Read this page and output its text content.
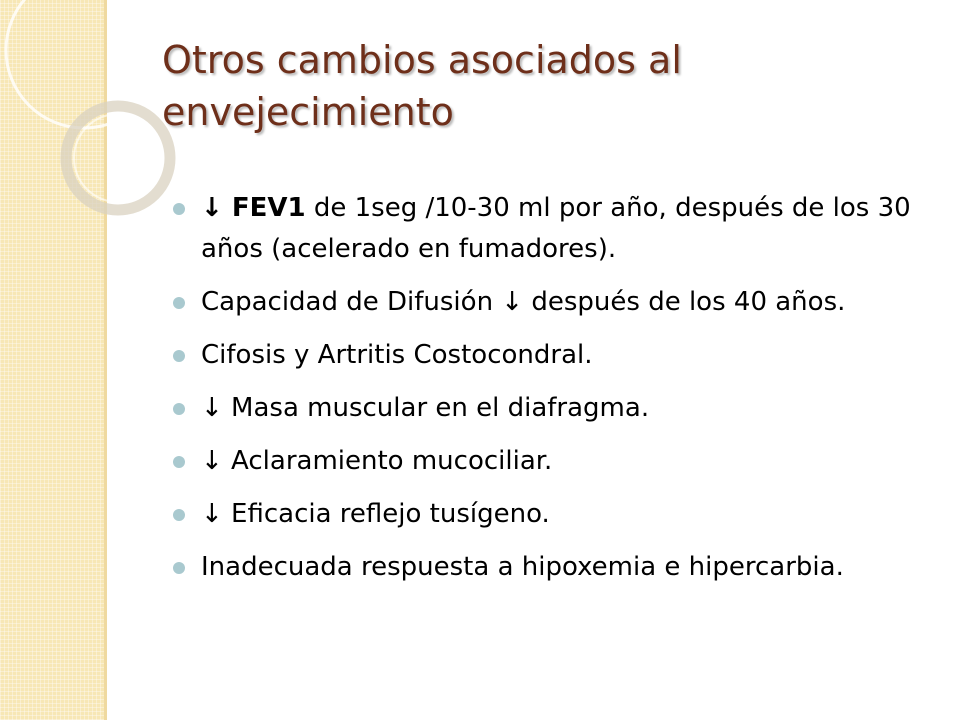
Otros cambios asociados al envejecimiento
↓ FEV1 de 1seg /10-30 ml por año, después de los 30 años (acelerado en fumadores).
Capacidad de Difusión ↓ después de los 40 años.
Cifosis y Artritis Costocondral.
↓ Masa muscular en el diafragma.
↓ Aclaramiento mucociliar.
↓ Eficacia reflejo tusígeno.
Inadecuada respuesta a hipoxemia e hipercarbia.
